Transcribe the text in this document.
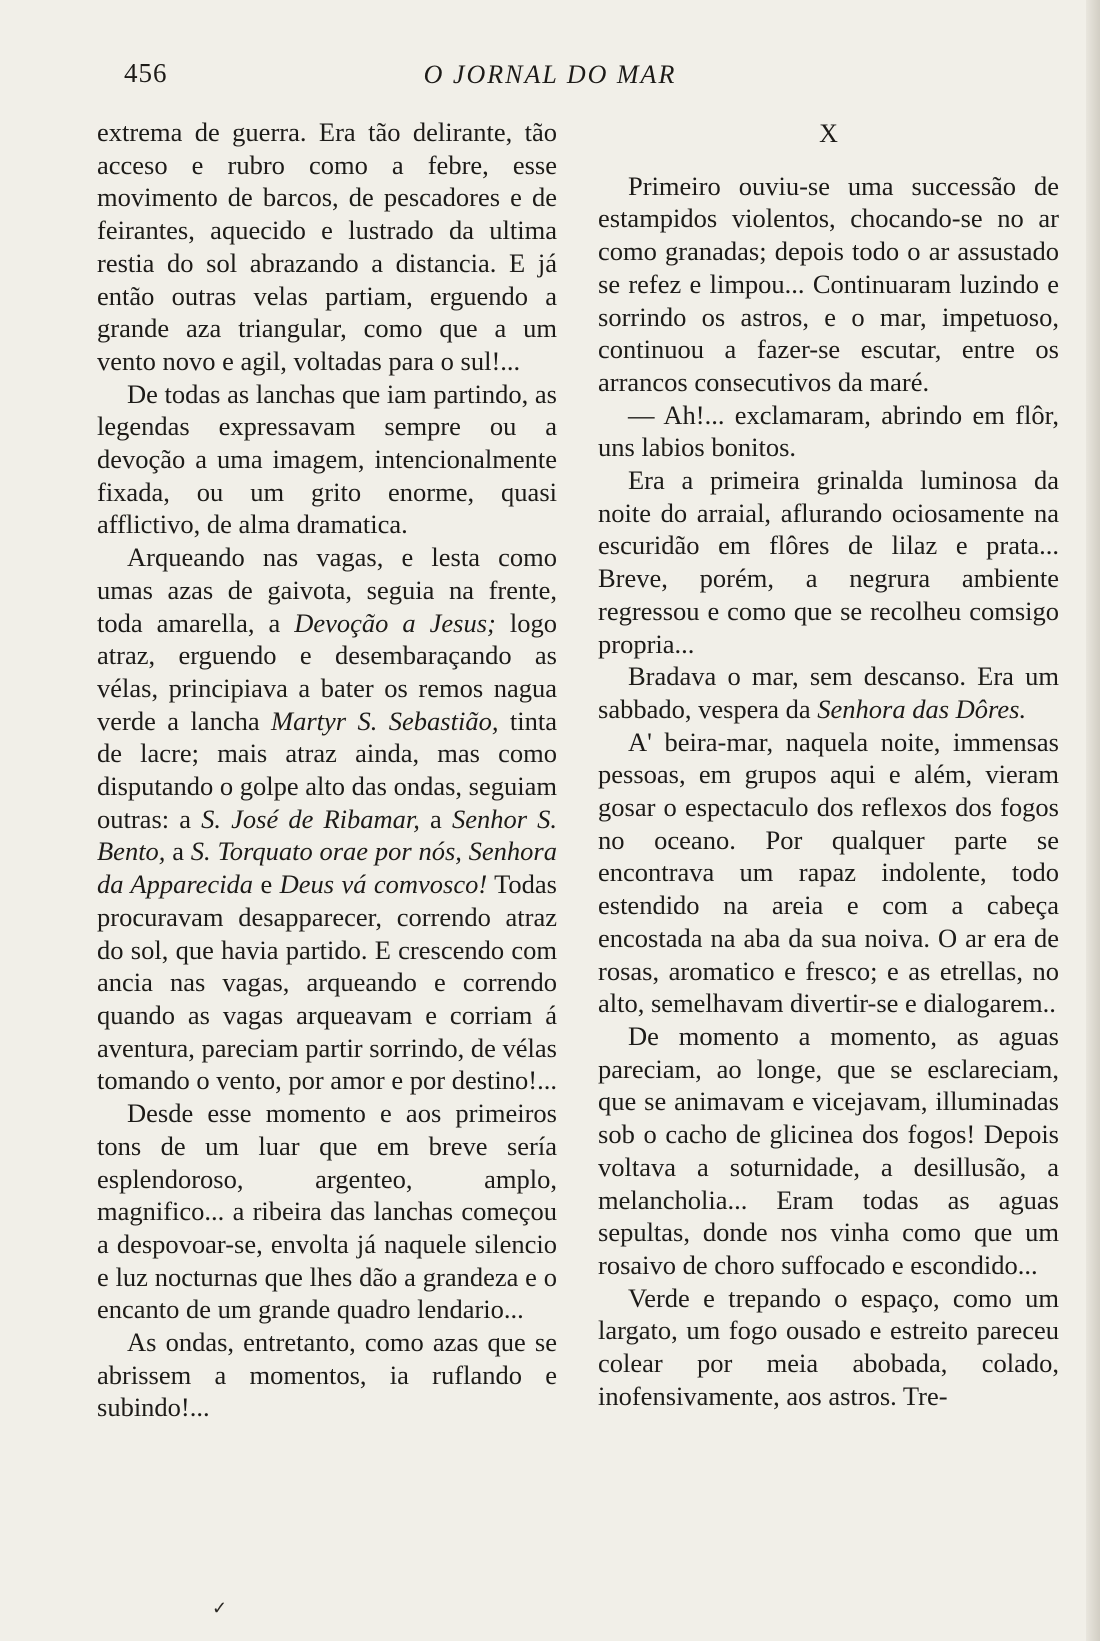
456	O JORNAL DO MAR

extrema de guerra. Era tão delirante, tão acceso e rubro como a febre, esse movimento de barcos, de pescadores e de feirantes, aquecido e lustrado da ultima restia do sol abrazando a distancia. E já então outras velas partiam, erguendo a grande aza triangular, como que a um vento novo e agil, voltadas para o sul!...

De todas as lanchas que iam partindo, as legendas expressavam sempre ou a devoção a uma imagem, intencionalmente fixada, ou um grito enorme, quasi afflictivo, de alma dramatica.

Arqueando nas vagas, e lesta como umas azas de gaivota, seguia na frente, toda amarella, a Devoção a Jesus; logo atraz, erguendo e desembaraçando as vélas, principiava a bater os remos nagua verde a lancha Martyr S. Sebastião, tinta de lacre; mais atraz ainda, mas como disputando o golpe alto das ondas, seguiam outras: a S. José de Ribamar, a Senhor S. Bento, a S. Torquato orae por nós, Senhora da Apparecida e Deus vá comvosco! Todas procuravam desapparecer, correndo atraz do sol, que havia partido. E crescendo com ancia nas vagas, arqueando e correndo quando as vagas arqueavam e corriam á aventura, pareciam partir sorrindo, de vélas tomando o vento, por amor e por destino!...

Desde esse momento e aos primeiros tons de um luar que em breve sería esplendoroso, argenteo, amplo, magnifico... a ribeira das lanchas começou a despovoar-se, envolta já naquele silencio e luz nocturnas que lhes dão a grandeza e o encanto de um grande quadro lendario...

As ondas, entretanto, como azas que se abrissem a momentos, ia ruflando e subindo!...

X

Primeiro ouviu-se uma successão de estampidos violentos, chocando-se no ar como granadas; depois todo o ar assustado se refez e limpou... Continuaram luzindo e sorrindo os astros, e o mar, impetuoso, continuou a fazer-se escutar, entre os arrancos consecutivos da maré.

— Ah!... exclamaram, abrindo em flôr, uns labios bonitos.

Era a primeira grinalda luminosa da noite do arraial, aflurando ociosamente na escuridão em flôres de lilaz e prata... Breve, porém, a negrura ambiente regressou e como que se recolheu comsigo propria...

Bradava o mar, sem descanso. Era um sabbado, vespera da Senhora das Dôres.

A' beira-mar, naquela noite, immensas pessoas, em grupos aqui e além, vieram gosar o espectaculo dos reflexos dos fogos no oceano. Por qualquer parte se encontrava um rapaz indolente, todo estendido na areia e com a cabeça encostada na aba da sua noiva. O ar era de rosas, aromatico e fresco; e as etrellas, no alto, semelhavam divertir-se e dialogarem..

De momento a momento, as aguas pareciam, ao longe, que se esclareciam, que se animavam e vicejavam, illuminadas sob o cacho de glicinea dos fogos! Depois voltava a soturnidade, a desillusão, a melancholia... Eram todas as aguas sepultas, donde nos vinha como que um rosaivo de choro suffocado e escondido...

Verde e trepando o espaço, como um largato, um fogo ousado e estreito pareceu colear por meia abobada, colado, inofensivamente, aos astros. Tre-

✓
